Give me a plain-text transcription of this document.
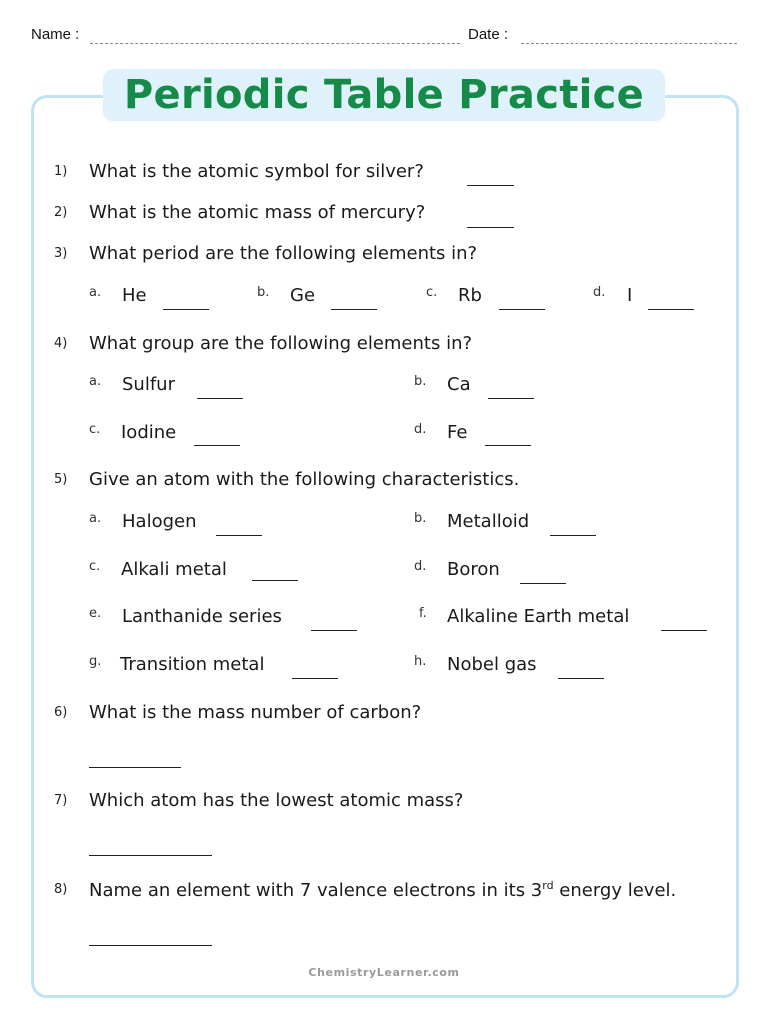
Name :	Date :
Periodic Table Practice
1) What is the atomic symbol for silver?
2) What is the atomic mass of mercury?
3) What period are the following elements in?
a. He	b. Ge	c. Rb	d. I
4) What group are the following elements in?
a. Sulfur	b. Ca
c. Iodine	d. Fe
5) Give an atom with the following characteristics.
a. Halogen	b. Metalloid
c. Alkali metal	d. Boron
e. Lanthanide series	f. Alkaline Earth metal
g. Transition metal	h. Nobel gas
6) What is the mass number of carbon?
7) Which atom has the lowest atomic mass?
8) Name an element with 7 valence electrons in its 3rd energy level.
ChemistryLearner.com
